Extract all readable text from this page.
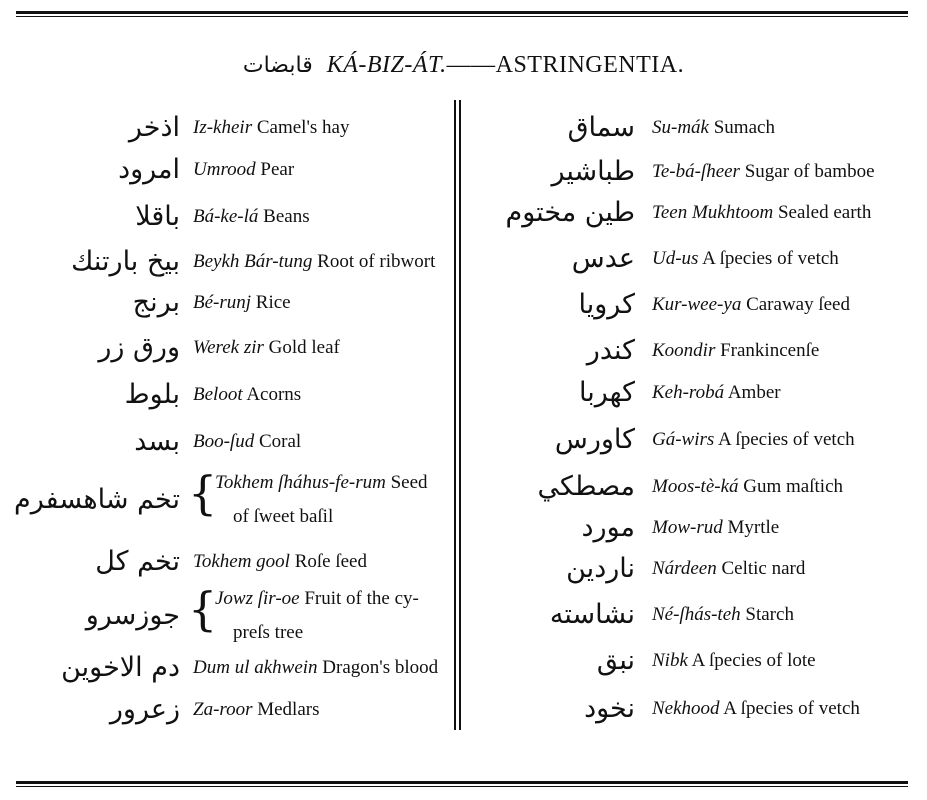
قابضات KÁ-BIZ-ÁT.——ASTRINGENTIA.
اذخر Iz-kheir Camel's hay
امرود Umrood Pear
باقلا Bá-ke-lá Beans
بيخ بارتنك Beykh Bár-tung Root of ribwort
برنج Bé-runj Rice
ورق زر Werek zir Gold leaf
بلوط Beloot Acorns
بسد Boo-ſud Coral
تخم شاهسفرم {
Tokhem ſháhus-fe-rum Seed
of ſweet baſil
تخم كل Tokhem gool Roſe ſeed
جوزسرو {
Jowz ſir-oe Fruit of the cy-
preſs tree
دم الاخوين Dum ul akhwein Dragon's blood
زعرور Za-roor Medlars
سماق Su-mák Sumach
طباشير Te-bá-ſheer Sugar of bamboe
طين مختوم Teen Mukhtoom Sealed earth
عدس Ud-us A ſpecies of vetch
كرويا Kur-wee-ya Caraway ſeed
كندر Koondir Frankincenſe
كهربا Keh-robá Amber
كاورس Gá-wirs A ſpecies of vetch
مصطكي Moos-tè-ká Gum maſtich
مورد Mow-rud Myrtle
ناردين Nárdeen Celtic nard
نشاسته Né-ſhás-teh Starch
نبق Nibk A ſpecies of lote
نخود Nekhood A ſpecies of vetch
